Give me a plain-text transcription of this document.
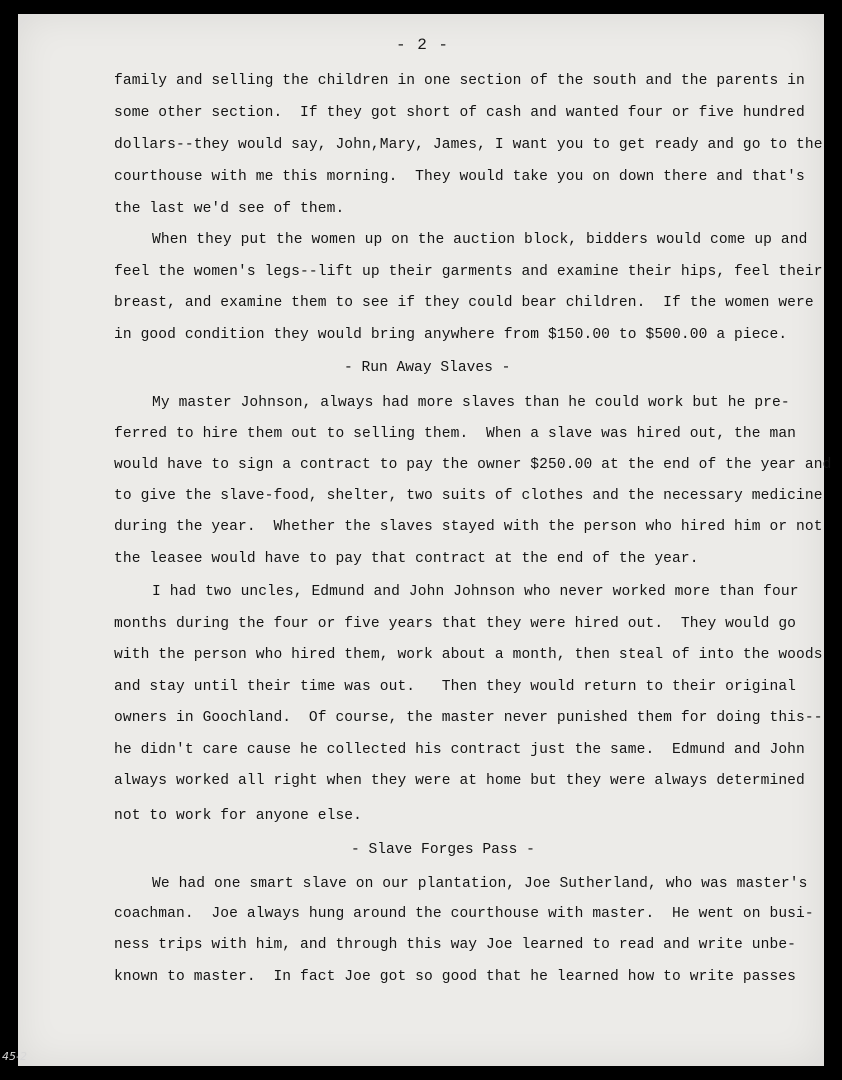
- 2 -
family and selling the children in one section of the south and the parents in
some other section.  If they got short of cash and wanted four or five hundred
dollars--they would say, John,Mary, James, I want you to get ready and go to the
courthouse with me this morning.  They would take you on down there and that's
the last we'd see of them.
When they put the women up on the auction block, bidders would come up and
feel the women's legs--lift up their garments and examine their hips, feel their
breast, and examine them to see if they could bear children.  If the women were
in good condition they would bring anywhere from $150.00 to $500.00 a piece.
- Run Away Slaves -
My master Johnson, always had more slaves than he could work but he pre-
ferred to hire them out to selling them.  When a slave was hired out, the man
would have to sign a contract to pay the owner $250.00 at the end of the year and
to give the slave-food, shelter, two suits of clothes and the necessary medicine
during the year.  Whether the slaves stayed with the person who hired him or not
the leasee would have to pay that contract at the end of the year.
I had two uncles, Edmund and John Johnson who never worked more than four
months during the four or five years that they were hired out.  They would go
with the person who hired them, work about a month, then steal of into the woods
and stay until their time was out.   Then they would return to their original
owners in Goochland.  Of course, the master never punished them for doing this--
he didn't care cause he collected his contract just the same.  Edmund and John
always worked all right when they were at home but they were always determined
not to work for anyone else.
- Slave Forges Pass -
We had one smart slave on our plantation, Joe Sutherland, who was master's
coachman.  Joe always hung around the courthouse with master.  He went on busi-
ness trips with him, and through this way Joe learned to read and write unbe-
known to master.  In fact Joe got so good that he learned how to write passes
45-2
